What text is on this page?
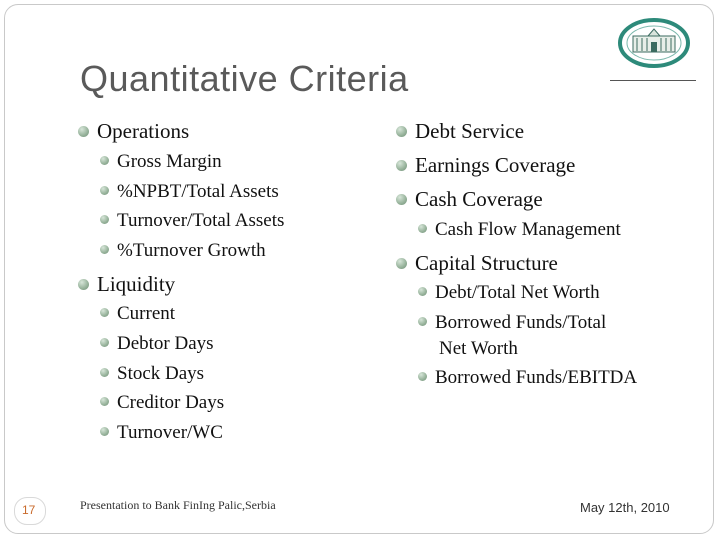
Quantitative Criteria
Operations
Gross Margin
%NPBT/Total Assets
Turnover/Total Assets
%Turnover Growth
Liquidity
Current
Debtor Days
Stock Days
Creditor Days
Turnover/WC
Debt Service
Earnings Coverage
Cash Coverage
Cash Flow Management
Capital Structure
Debt/Total Net Worth
Borrowed Funds/Total
Net Worth
Borrowed Funds/EBITDA
17	Presentation to Bank FinIng Palic,Serbia	May 12th, 2010
